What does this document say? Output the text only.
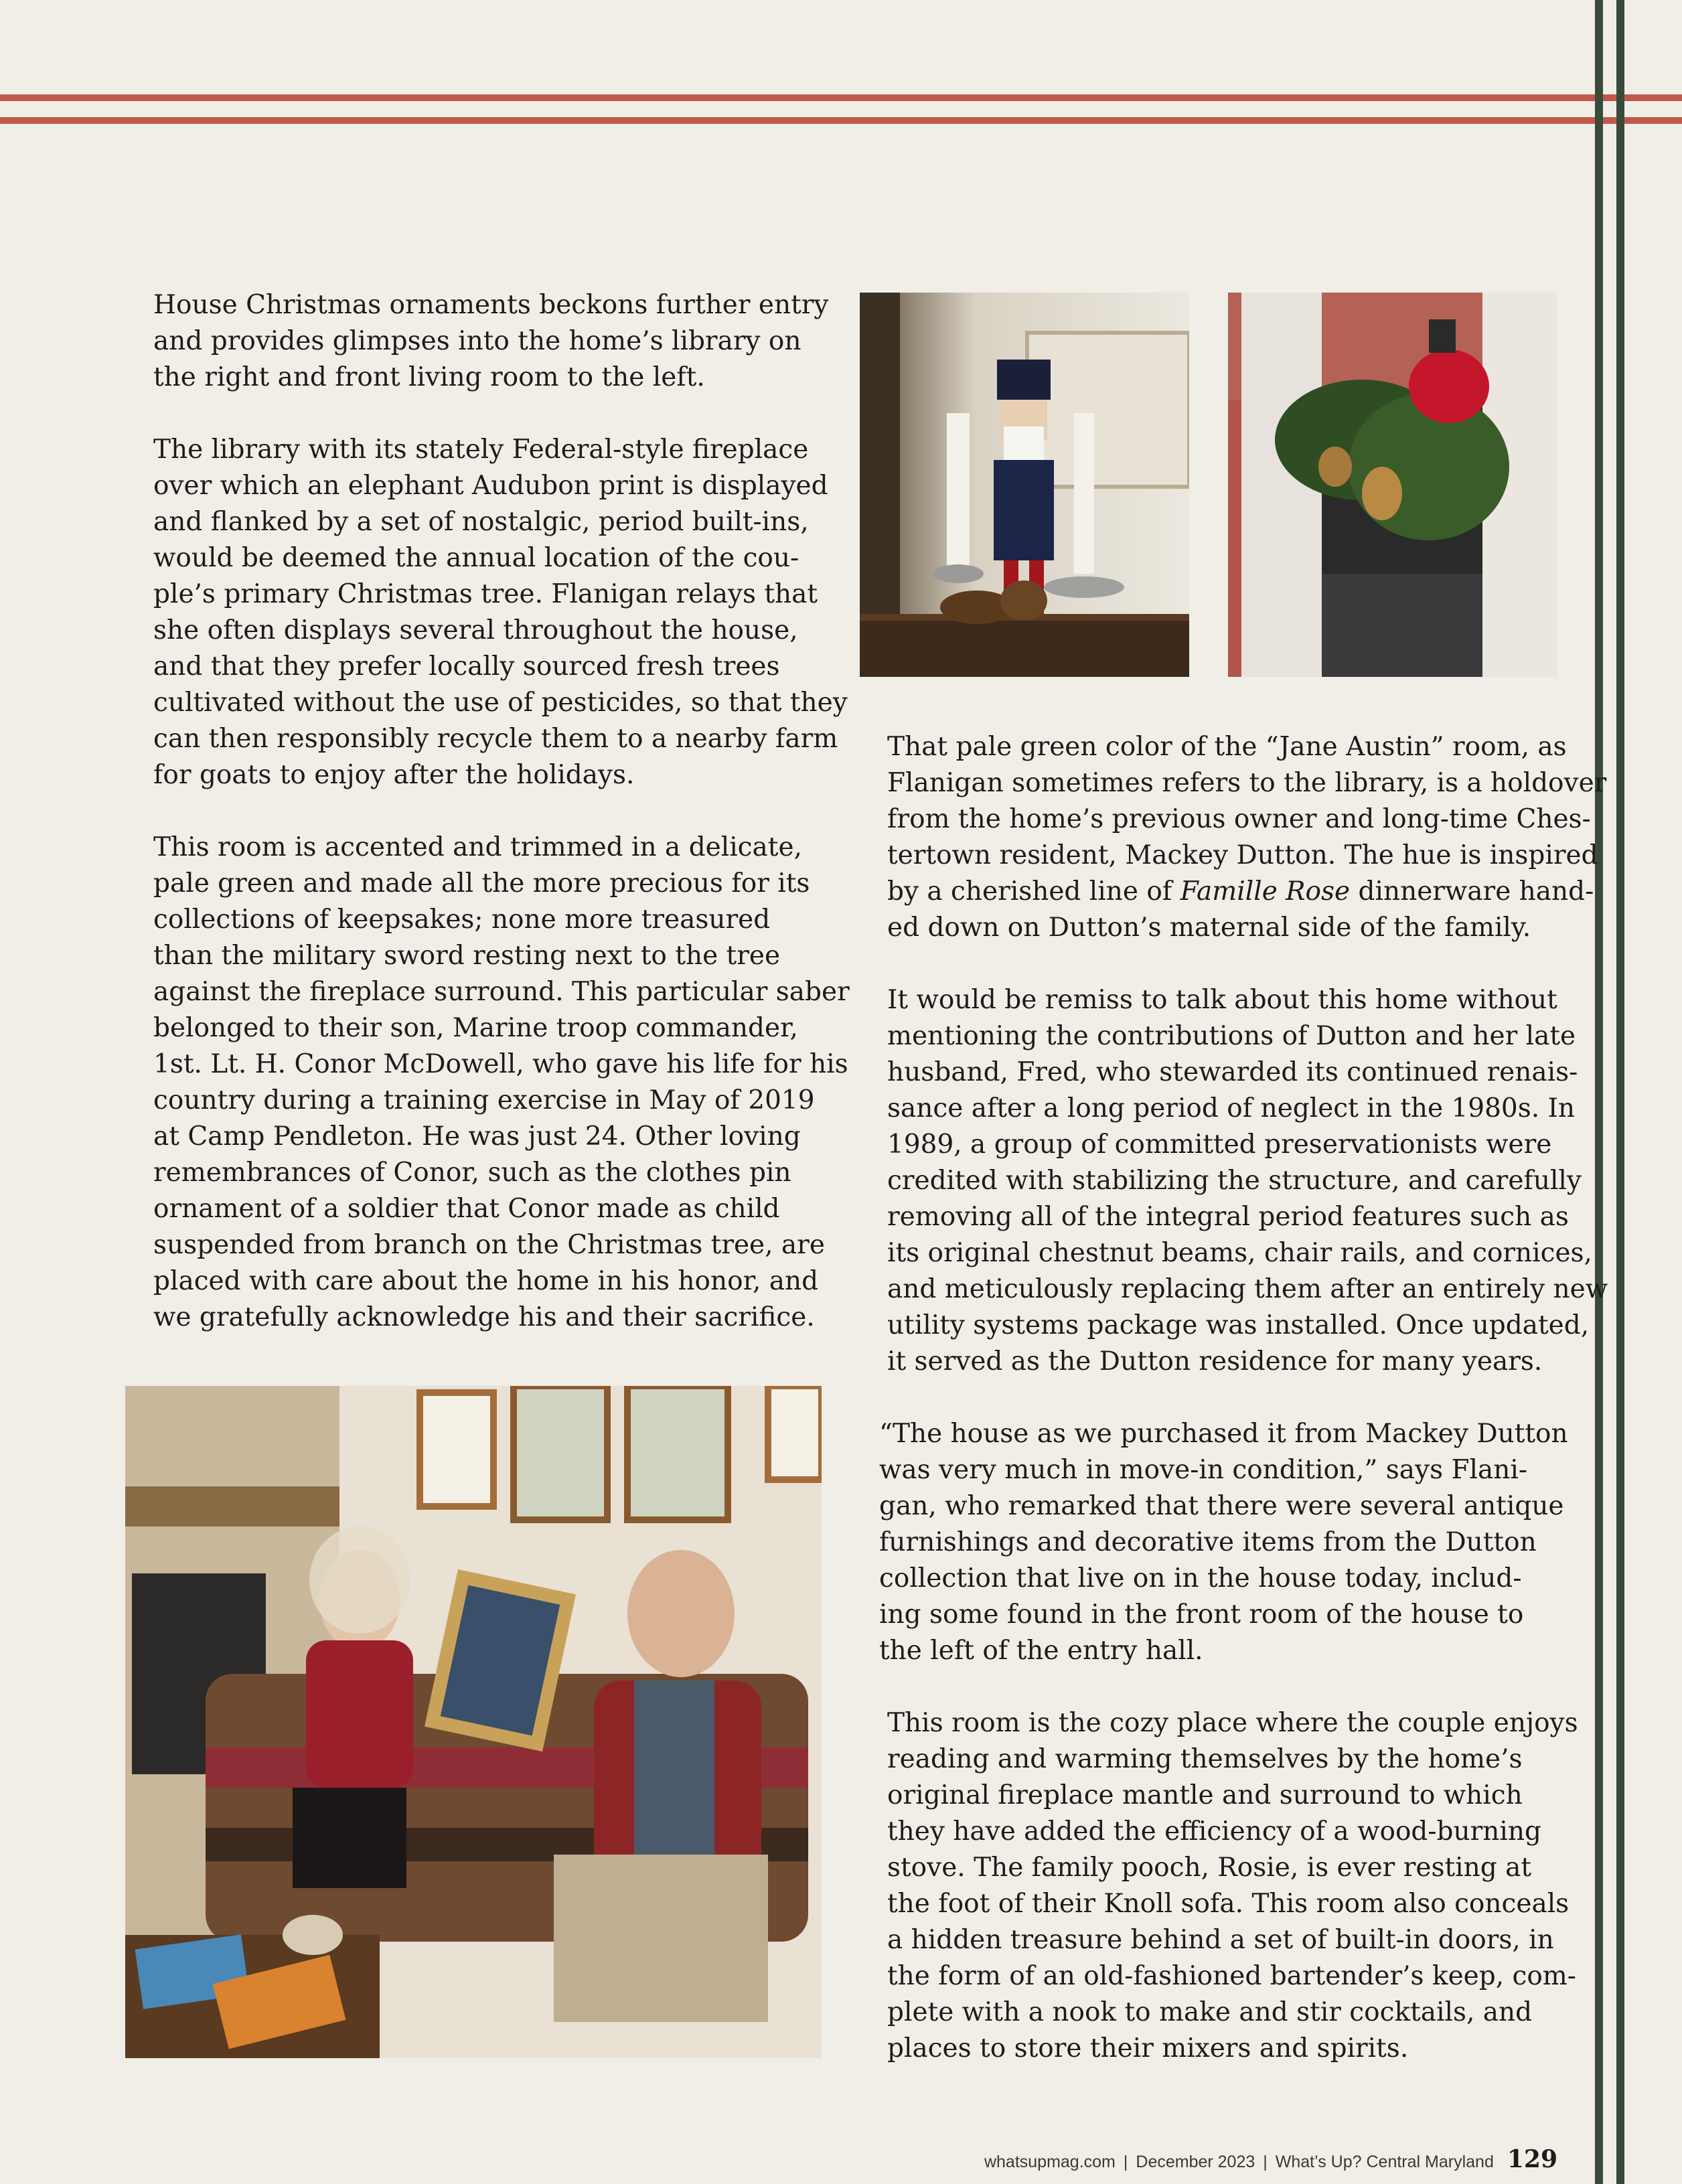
House Christmas ornaments beckons further entry
and provides glimpses into the home’s library on
the right and front living room to the left.

The library with its stately Federal-style fireplace
over which an elephant Audubon print is displayed
and flanked by a set of nostalgic, period built-ins,
would be deemed the annual location of the cou-
ple’s primary Christmas tree. Flanigan relays that
she often displays several throughout the house,
and that they prefer locally sourced fresh trees
cultivated without the use of pesticides, so that they
can then responsibly recycle them to a nearby farm
for goats to enjoy after the holidays.

This room is accented and trimmed in a delicate,
pale green and made all the more precious for its
collections of keepsakes; none more treasured
than the military sword resting next to the tree
against the fireplace surround. This particular saber
belonged to their son, Marine troop commander,
1st. Lt. H. Conor McDowell, who gave his life for his
country during a training exercise in May of 2019
at Camp Pendleton. He was just 24. Other loving
remembrances of Conor, such as the clothes pin
ornament of a soldier that Conor made as child
suspended from branch on the Christmas tree, are
placed with care about the home in his honor, and
we gratefully acknowledge his and their sacrifice.

That pale green color of the “Jane Austin” room, as
Flanigan sometimes refers to the library, is a holdover
from the home’s previous owner and long-time Ches-
tertown resident, Mackey Dutton. The hue is inspired
by a cherished line of Famille Rose dinnerware hand-
ed down on Dutton’s maternal side of the family.

It would be remiss to talk about this home without
mentioning the contributions of Dutton and her late
husband, Fred, who stewarded its continued renais-
sance after a long period of neglect in the 1980s. In
1989, a group of committed preservationists were
credited with stabilizing the structure, and carefully
removing all of the integral period features such as
its original chestnut beams, chair rails, and cornices,
and meticulously replacing them after an entirely new
utility systems package was installed. Once updated,
it served as the Dutton residence for many years.

“The house as we purchased it from Mackey Dutton
was very much in move-in condition,” says Flani-
gan, who remarked that there were several antique
furnishings and decorative items from the Dutton
collection that live on in the house today, includ-
ing some found in the front room of the house to
the left of the entry hall.

This room is the cozy place where the couple enjoys
reading and warming themselves by the home’s
original fireplace mantle and surround to which
they have added the efficiency of a wood-burning
stove. The family pooch, Rosie, is ever resting at
the foot of their Knoll sofa. This room also conceals
a hidden treasure behind a set of built-in doors, in
the form of an old-fashioned bartender’s keep, com-
plete with a nook to make and stir cocktails, and
places to store their mixers and spirits.

whatsupmag.com | December 2023 | What’s Up? Central Maryland 129
